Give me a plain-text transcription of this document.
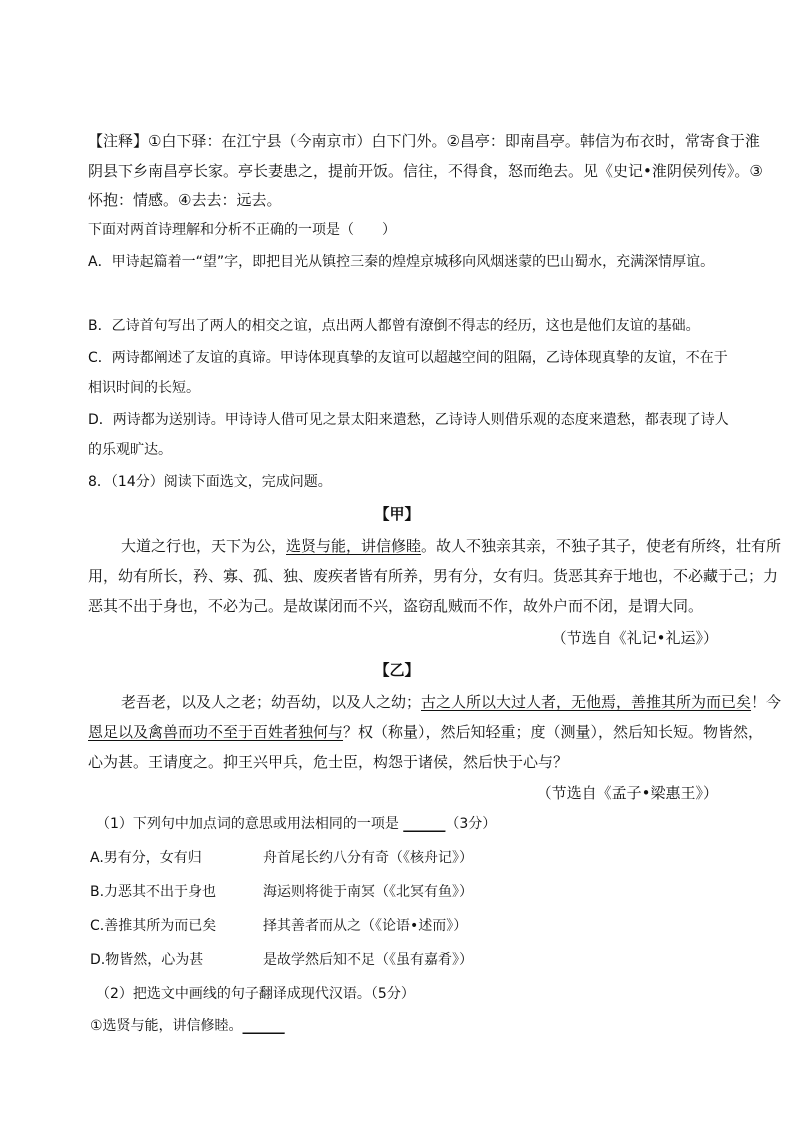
【注释】①白下驿：在江宁县（今南京市）白下门外。②昌亭：即南昌亭。韩信为布衣时，常寄食于淮
阴县下乡南昌亭长家。亭长妻患之，提前开饭。信往，不得食，怒而绝去。见《史记•淮阴侯列传》。③
怀抱：情感。④去去：远去。
下面对两首诗理解和分析不正确的一项是（　　）
A．甲诗起篇着一“望”字，即把目光从镇控三秦的煌煌京城移向风烟迷蒙的巴山蜀水，充满深情厚谊。
B．乙诗首句写出了两人的相交之谊，点出两人都曾有潦倒不得志的经历，这也是他们友谊的基础。
C．两诗都阐述了友谊的真谛。甲诗体现真挚的友谊可以超越空间的阻隔，乙诗体现真挚的友谊，不在于
相识时间的长短。
D．两诗都为送别诗。甲诗诗人借可见之景太阳来遣愁，乙诗诗人则借乐观的态度来遣愁，都表现了诗人
的乐观旷达。
8．（14分）阅读下面选文，完成问题。
【甲】
大道之行也，天下为公，选贤与能，讲信修睦。故人不独亲其亲，不独子其子，使老有所终，壮有所
用，幼有所长，矜、寡、孤、独、废疾者皆有所养，男有分，女有归。货恶其弃于地也，不必藏于己；力
恶其不出于身也，不必为己。是故谋闭而不兴，盗窃乱贼而不作，故外户而不闭，是谓大同。
（节选自《礼记•礼运》）
【乙】
老吾老，以及人之老；幼吾幼，以及人之幼；古之人所以大过人者，无他焉，善推其所为而已矣！今
恩足以及禽兽而功不至于百姓者独何与？权（称量），然后知轻重；度（测量），然后知长短。物皆然，
心为甚。王请度之。抑王兴甲兵，危士臣，构怨于诸侯，然后快于心与？
（节选自《孟子•梁惠王》）
（1）下列句中加点词的意思或用法相同的一项是 ______（3分）
A.男有分，女有归	舟首尾长约八分有奇（《核舟记》）
B.力恶其不出于身也	海运则将徙于南冥（《北冥有鱼》）
C.善推其所为而已矣	择其善者而从之（《论语•述而》）
D.物皆然，心为甚	是故学然后知不足（《虽有嘉肴》）
（2）把选文中画线的句子翻译成现代汉语。（5分）
①选贤与能，讲信修睦。______
